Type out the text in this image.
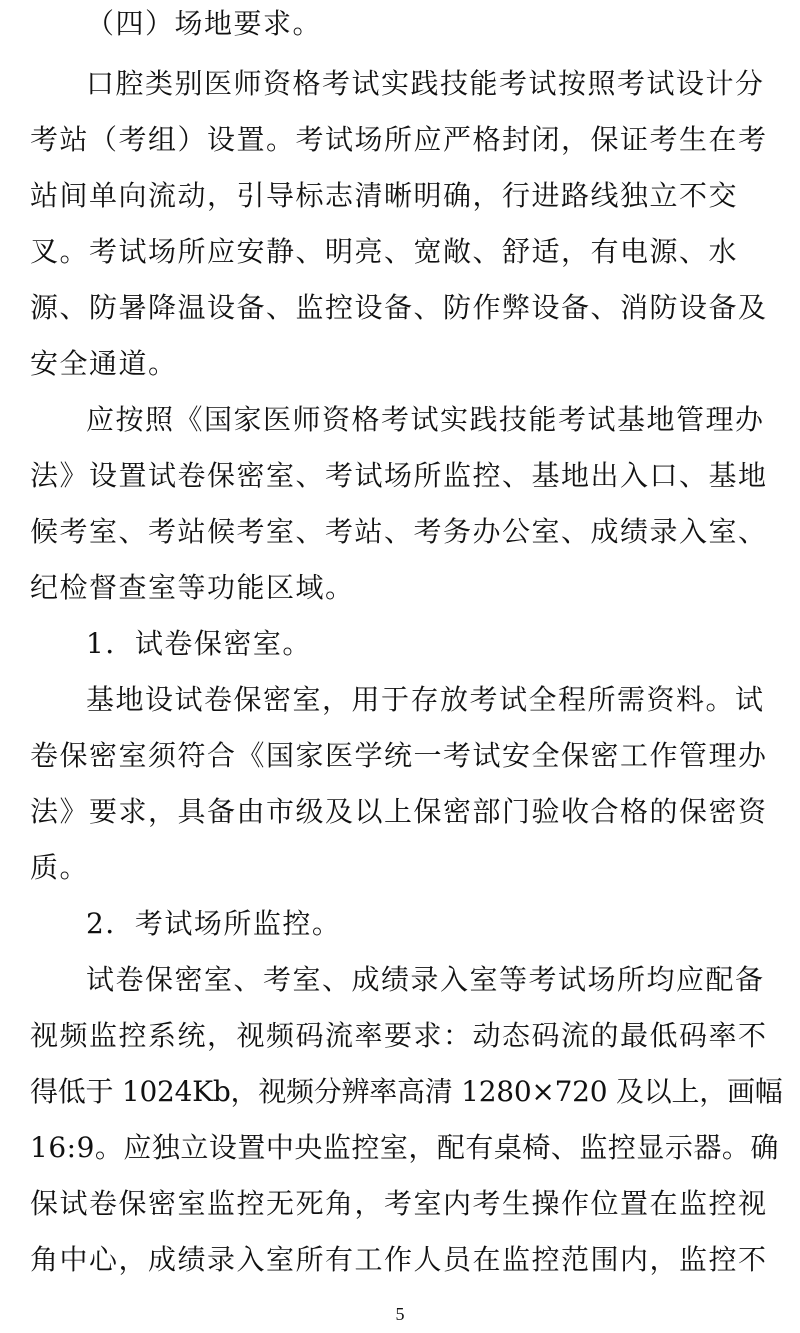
（四）场地要求。
口腔类别医师资格考试实践技能考试按照考试设计分
考站（考组）设置。考试场所应严格封闭，保证考生在考
站间单向流动，引导标志清晰明确，行进路线独立不交
叉。考试场所应安静、明亮、宽敞、舒适，有电源、水
源、防暑降温设备、监控设备、防作弊设备、消防设备及
安全通道。
应按照《国家医师资格考试实践技能考试基地管理办
法》设置试卷保密室、考试场所监控、基地出入口、基地
候考室、考站候考室、考站、考务办公室、成绩录入室、
纪检督查室等功能区域。
1．试卷保密室。
基地设试卷保密室，用于存放考试全程所需资料。试
卷保密室须符合《国家医学统一考试安全保密工作管理办
法》要求，具备由市级及以上保密部门验收合格的保密资
质。
2．考试场所监控。
试卷保密室、考室、成绩录入室等考试场所均应配备
视频监控系统，视频码流率要求：动态码流的最低码率不
得低于 1024Kb，视频分辨率高清 1280×720 及以上，画幅
16:9。应独立设置中央监控室，配有桌椅、监控显示器。确
保试卷保密室监控无死角，考室内考生操作位置在监控视
角中心，成绩录入室所有工作人员在监控范围内，监控不
5
